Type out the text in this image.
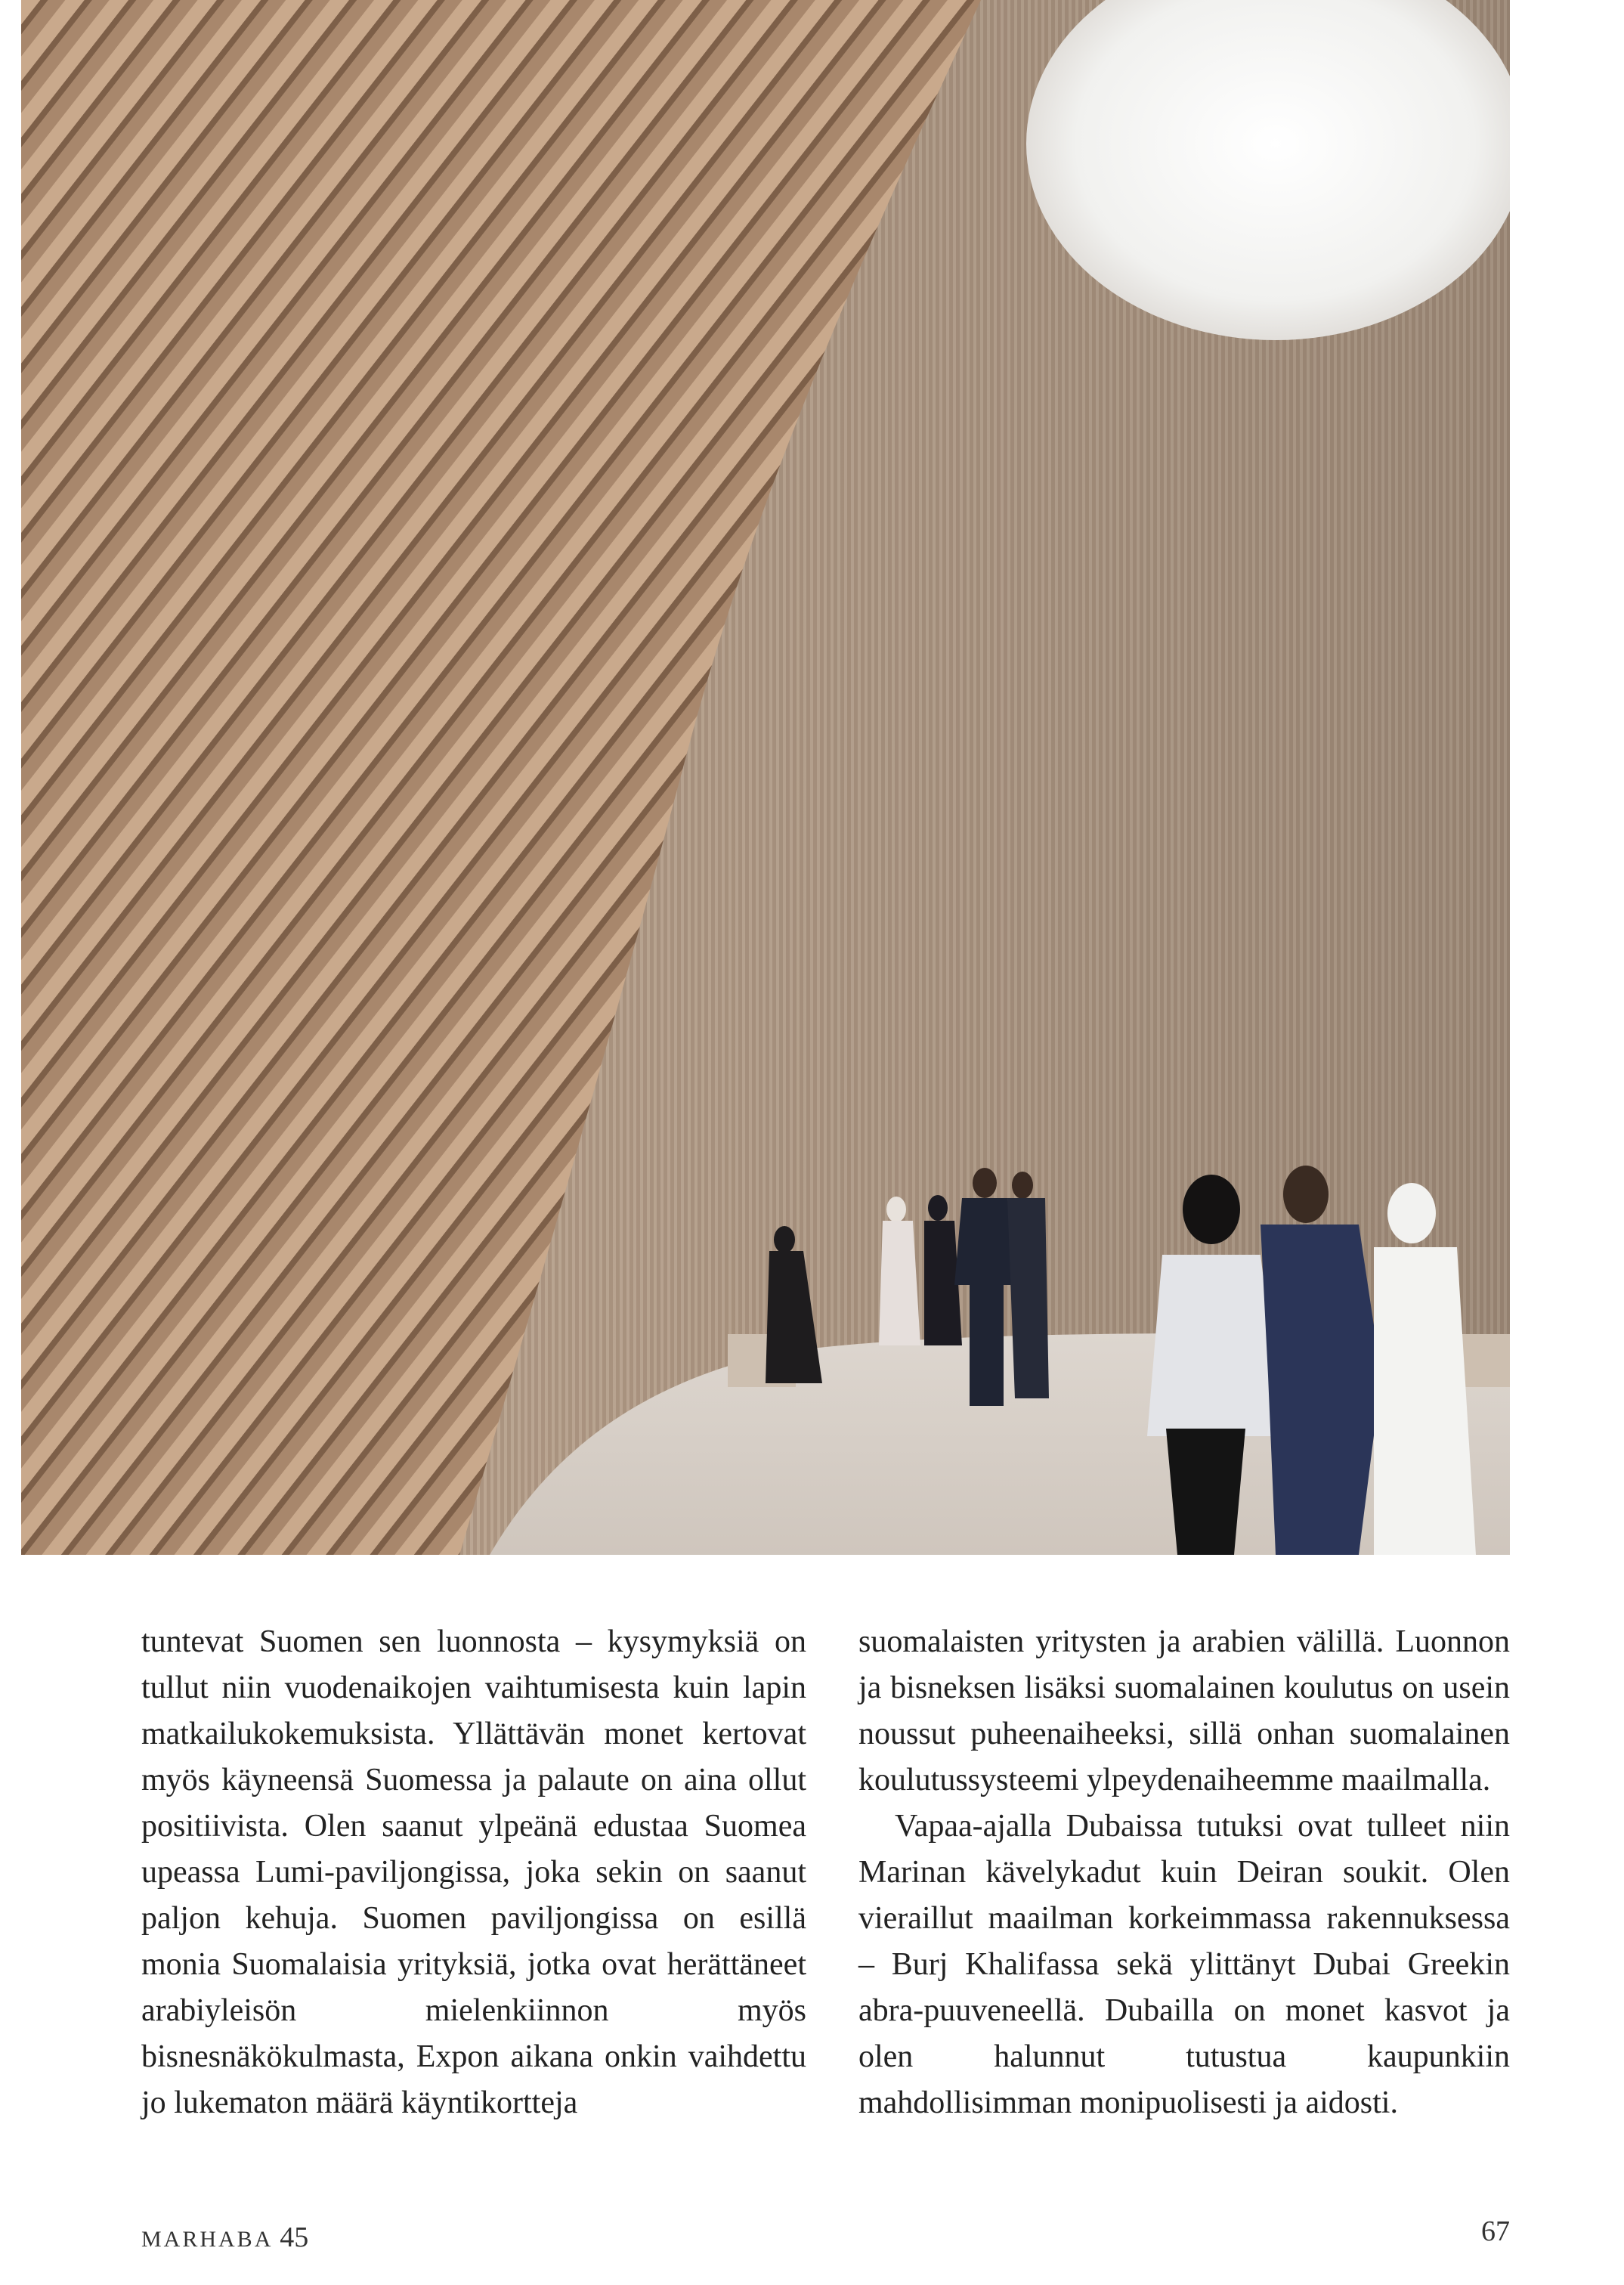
tuntevat Suomen sen luonnosta – kysymyksiä on tullut niin vuodenaikojen vaihtumisesta kuin lapin matkailukokemuksista. Yllättävän monet kertovat myös käyneensä Suomessa ja palaute on aina ollut positiivista. Olen saanut ylpeänä edustaa Suomea upeassa Lumi-paviljongissa, joka sekin on saanut paljon kehuja. Suomen paviljongissa on esillä monia Suomalaisia yrityksiä, jotka ovat herättäneet arabiyleisön mielenkiinnon myös bisnesnäkökulmasta, Expon aikana onkin vaihdettu jo lukematon määrä käyntikortteja

suomalaisten yritysten ja arabien välillä. Luonnon ja bisneksen lisäksi suomalainen koulutus on usein noussut puheenaiheeksi, sillä onhan suomalainen koulutussysteemi ylpeydenaiheemme maailmalla.

Vapaa-ajalla Dubaissa tutuksi ovat tulleet niin Marinan kävelykadut kuin Deiran soukit. Olen vieraillut maailman korkeimmassa rakennuksessa – Burj Khalifassa sekä ylittänyt Dubai Greekin abra-puuveneellä. Dubailla on monet kasvot ja olen halunnut tutustua kaupunkiin mahdollisimman monipuolisesti ja aidosti.

MARHABA 45	67
